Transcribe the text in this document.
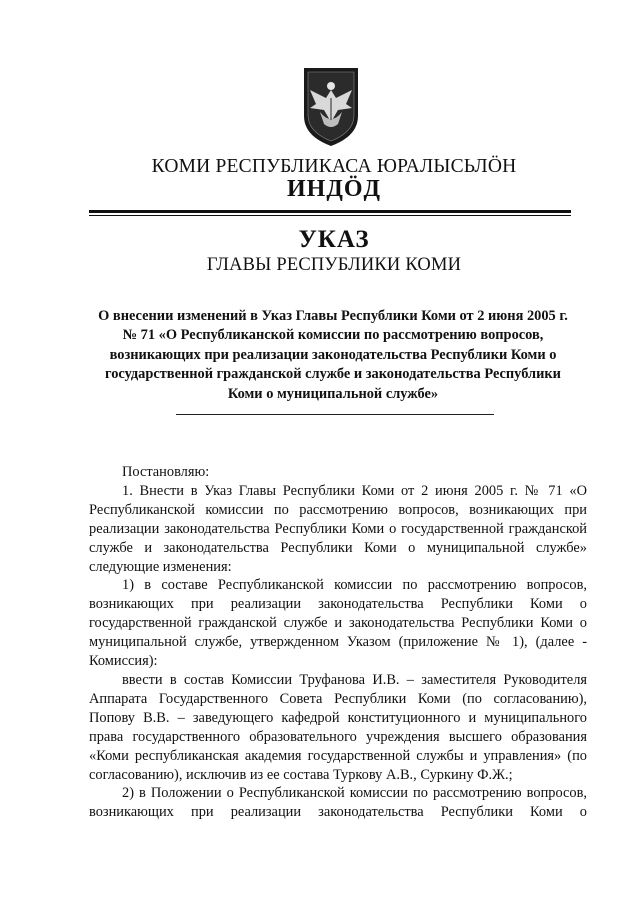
КОМИ РЕСПУБЛИКАСА ЮРАЛЫСЬЛÖН
ИНДÖД
УКАЗ
ГЛАВЫ РЕСПУБЛИКИ КОМИ
О внесении изменений в Указ Главы Республики Коми от 2 июня 2005 г. № 71 «О Республиканской комиссии по рассмотрению вопросов, возникающих при реализации законодательства Республики Коми о государственной гражданской службе и законодательства Республики Коми о муниципальной службе»

Постановляю:

1. Внести в Указ Главы Республики Коми от 2 июня 2005 г. № 71 «О Республиканской комиссии по рассмотрению вопросов, возникающих при реализации законодательства Республики Коми о государственной гражданской службе и законодательства Республики Коми о муниципальной службе» следующие изменения:

1) в составе Республиканской комиссии по рассмотрению вопросов, возникающих при реализации законодательства Республики Коми о государственной гражданской службе и законодательства Республики Коми о муниципальной службе, утвержденном Указом (приложение № 1), (далее - Комиссия):

ввести в состав Комиссии Труфанова И.В. – заместителя Руководителя Аппарата Государственного Совета Республики Коми (по согласованию), Попову В.В. – заведующего кафедрой конституционного и муниципального права государственного образовательного учреждения высшего образования «Коми республиканская академия государственной службы и управления» (по согласованию), исключив из ее состава Туркову А.В., Суркину Ф.Ж.;

2) в Положении о Республиканской комиссии по рассмотрению вопросов, возникающих при реализации законодательства Республики Коми о
